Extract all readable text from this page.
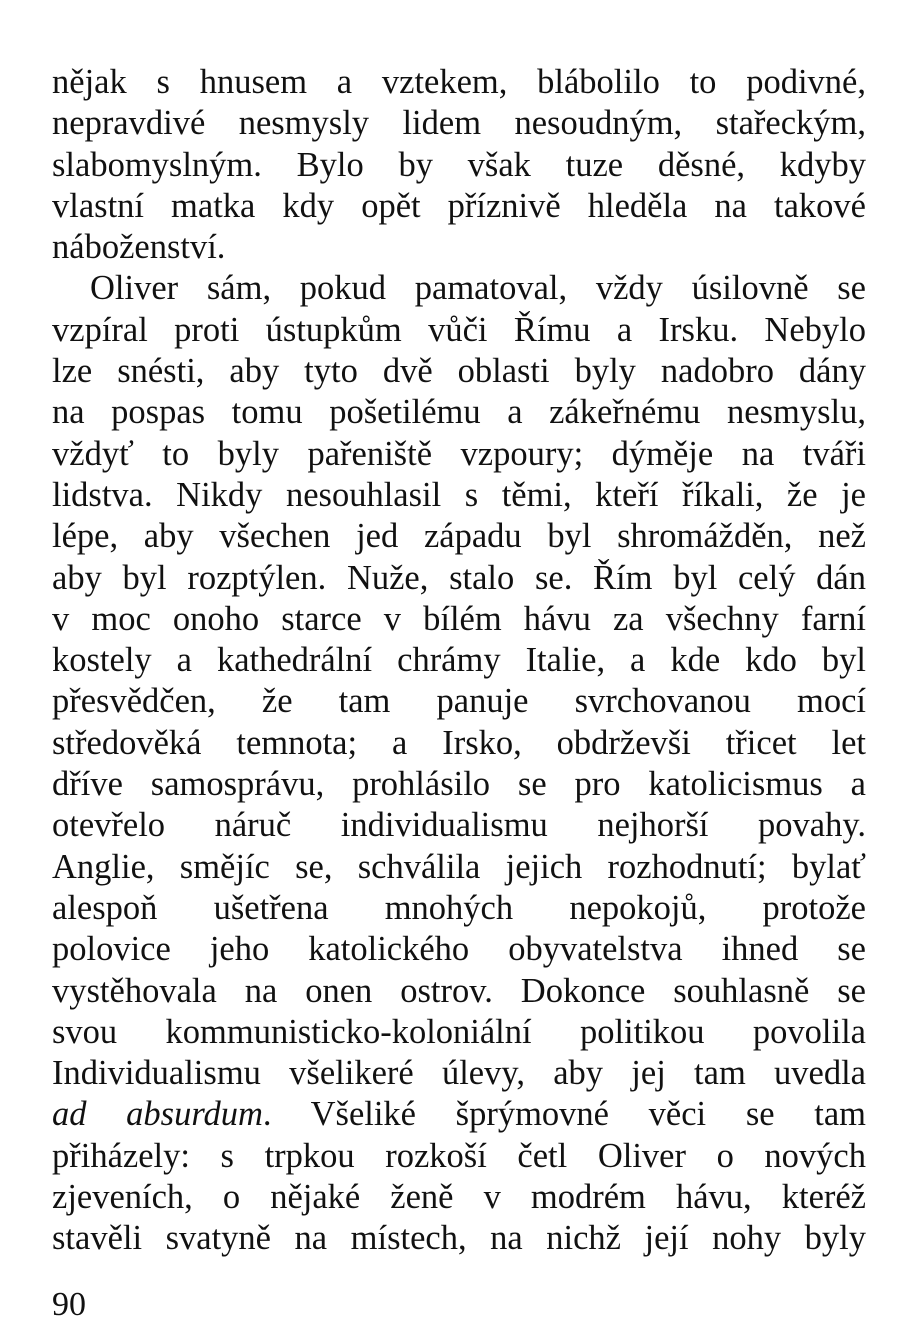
nějak s hnusem a vztekem, blábolilo to podivné,
nepravdivé nesmysly lidem nesoudným, stařeckým,
slabomyslným. Bylo by však tuze děsné, kdyby
vlastní matka kdy opět příznivě hleděla na takové
náboženství.
Oliver sám, pokud pamatoval, vždy úsilovně se
vzpíral proti ústupkům vůči Římu a Irsku. Nebylo
lze snésti, aby tyto dvě oblasti byly nadobro dány
na pospas tomu pošetilému a zákeřnému nesmyslu,
vždyť to byly pařeniště vzpoury; dýměje na tváři
lidstva. Nikdy nesouhlasil s těmi, kteří říkali, že je
lépe, aby všechen jed západu byl shromážděn, než
aby byl rozptýlen. Nuže, stalo se. Řím byl celý dán
v moc onoho starce v bílém hávu za všechny farní
kostely a kathedrální chrámy Italie, a kde kdo byl
přesvědčen, že tam panuje svrchovanou mocí
středověká temnota; a Irsko, obdrževši třicet let
dříve samosprávu, prohlásilo se pro katolicismus a
otevřelo náruč individualismu nejhorší povahy.
Anglie, smějíc se, schválila jejich rozhodnutí; bylať
alespoň ušetřena mnohých nepokojů, protože
polovice jeho katolického obyvatelstva ihned se
vystěhovala na onen ostrov. Dokonce souhlasně se
svou kommunisticko-koloniální politikou povolila
Individualismu všelikeré úlevy, aby jej tam uvedla
ad absurdum. Všeliké šprýmovné věci se tam
přiházely: s trpkou rozkoší četl Oliver o nových
zjeveních, o nějaké ženě v modrém hávu, kteréž
stavěli svatyně na místech, na nichž její nohy byly
90
